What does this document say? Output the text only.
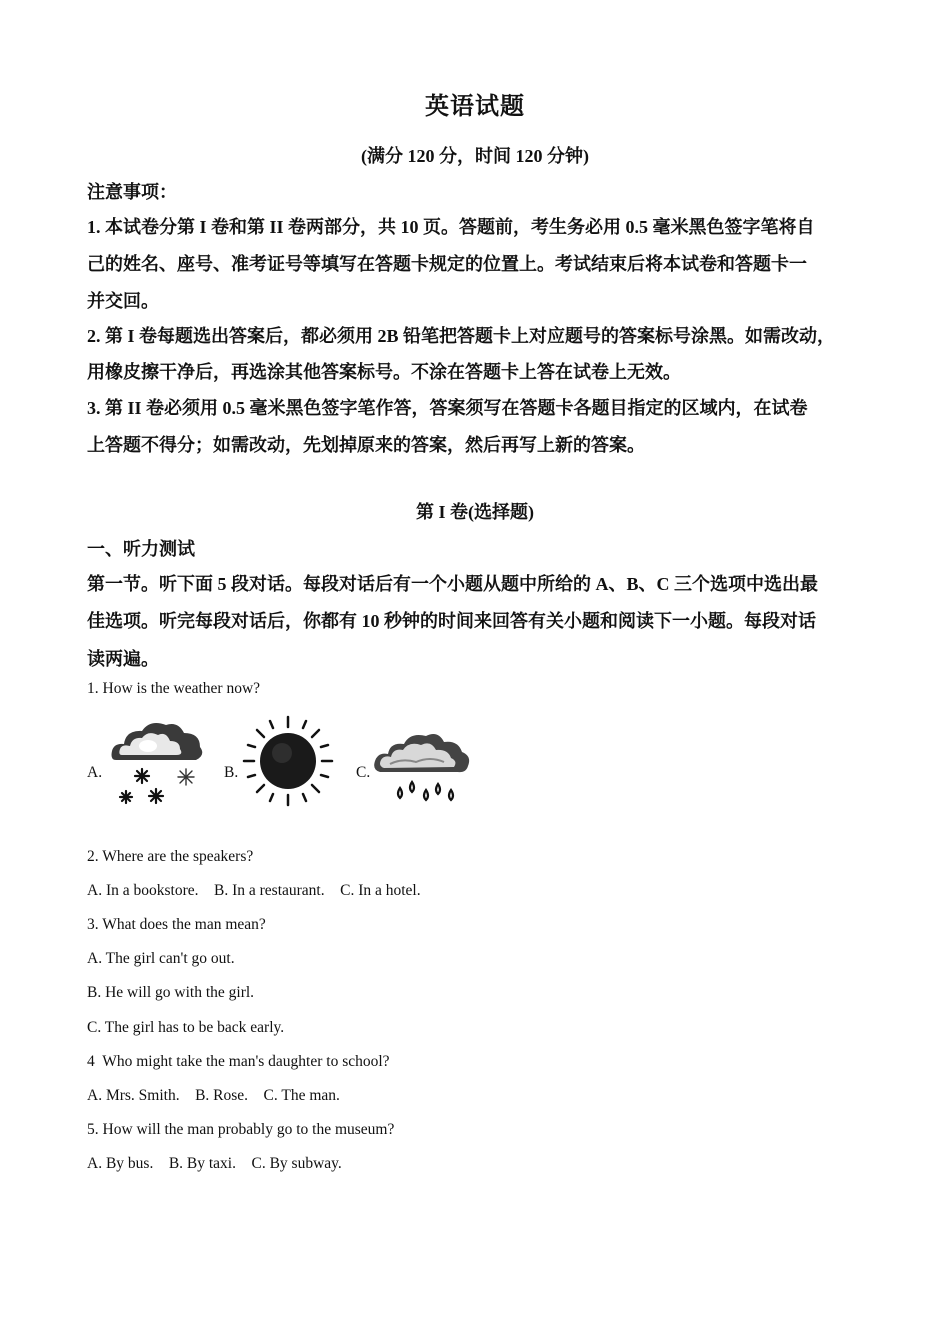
英语试题
(满分 120 分，时间 120 分钟)
注意事项：
1. 本试卷分第 I 卷和第 II 卷两部分，共 10 页。答题前，考生务必用 0.5 毫米黑色签字笔将自
己的姓名、座号、准考证号等填写在答题卡规定的位置上。考试结束后将本试卷和答题卡一
并交回。
2. 第 I 卷每题选出答案后，都必须用 2B 铅笔把答题卡上对应题号的答案标号涂黑。如需改动，
用橡皮擦干净后，再选涂其他答案标号。不涂在答题卡上答在试卷上无效。
3. 第 II 卷必须用 0.5 毫米黑色签字笔作答，答案须写在答题卡各题目指定的区域内，在试卷
上答题不得分；如需改动，先划掉原来的答案，然后再写上新的答案。
第 I 卷(选择题)
一、听力测试
第一节。听下面 5 段对话。每段对话后有一个小题从题中所给的 A、B、C 三个选项中选出最
佳选项。听完每段对话后，你都有 10 秒钟的时间来回答有关小题和阅读下一小题。每段对话
读两遍。
1. How is the weather now?
A.	B.	C.
2. Where are the speakers?
A. In a bookstore.    B. In a restaurant.    C. In a hotel.
3. What does the man mean?
A. The girl can't go out.
B. He will go with the girl.
C. The girl has to be back early.
4  Who might take the man's daughter to school?
A. Mrs. Smith.    B. Rose.    C. The man.
5. How will the man probably go to the museum?
A. By bus.    B. By taxi.    C. By subway.
